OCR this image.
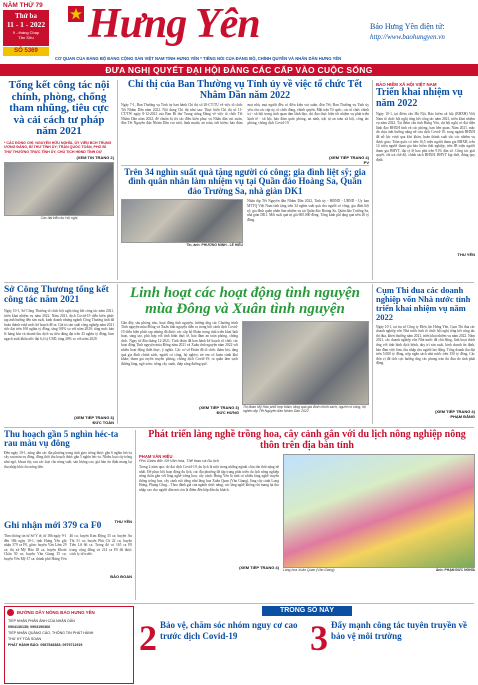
NĂM THỨ 79
Thứ ba
11 - 1 - 2022
9 - tháng Chạp
Tân Sửu
SỐ 5369
Hưng Yên	Báo Hưng Yên điện tử:
http://www.baohungyen.vn
CƠ QUAN CỦA ĐẢNG BỘ ĐẢNG CỘNG SẢN VIỆT NAM TỈNH HƯNG YÊN * TIẾNG NÓI CỦA ĐẢNG BỘ, CHÍNH QUYỀN VÀ NHÂN DÂN HƯNG YÊN
ĐƯA NGHỊ QUYẾT ĐẠI HỘI ĐẢNG CÁC CẤP VÀO CUỘC SỐNG
Tổng kết công tác nội chính, phòng, chống tham nhũng, tiêu cực và cải cách tư pháp năm 2021
* CÁC ĐỒNG CHÍ: NGUYỄN HỮU NGHĨA, ỦY VIÊN BCH TRUNG ƯƠNG ĐẢNG, BÍ THƯ TỈNH ỦY; TRẦN QUỐC TOẢN, PHÓ BÍ THƯ THƯỜNG TRỰC TỈNH ỦY, CHỦ TỊCH HĐND TỈNH DỰ
(XEM TIN TRANG 2)
Các đại biểu dự hội nghị
Chỉ thị của Ban Thường vụ Tỉnh ủy về việc tổ chức Tết Nhâm Dần năm 2022
Ngày 7-1, Ban Thường vụ Tỉnh ủy ban hành Chỉ thị số 20-CT/TU về việc tổ chức Tết Nhâm Dần năm 2022. Nội dung Chỉ thị như sau: Thực hiện Chỉ thị số 11-CT/TW ngày 8-12-2021 của Ban Bí thư Trung ương Đảng về việc tổ chức Tết Nhâm Dần năm 2022; để chuẩn bị tốt các điều kiện phục vụ Nhân dân vui xuân, đón Tết Nguyên đán Nhâm Dần vui tươi, lành mạnh, an toàn, tiết kiệm; bảo đảm mọi nhà, mọi người đều có điều kiện vui xuân, đón Tết; Ban Thường vụ Tỉnh ủy yêu cầu các cấp ủy, tổ chức đảng, chính quyền, Mặt trận Tổ quốc, các tổ chức chính trị - xã hội trong tỉnh quan tâm lãnh đạo, chỉ đạo thực hiện tốt nhiệm vụ phát triển kinh tế - xã hội, bảo đảm quốc phòng, an ninh, trật tự an toàn xã hội, công tác phòng, chống dịch Covid-19.
(XEM TIẾP TRANG 4)
PV
Trên 34 nghìn suất quà tặng người có công; gia đình liệt sỹ; gia đình quân nhân làm nhiệm vụ tại Quần đảo Hoàng Sa, Quần đảo Trường Sa, nhà giàn DK1
Tin, ảnh: PHƯƠNG MINH - LÊ HIỀU
Nhân dịp Tết Nguyên đán Nhâm Dần 2022, Tỉnh ủy - HĐND - UBND - Ủy ban MTTQ Việt Nam tỉnh tặng trên 34 nghìn suất quà cho người có công; gia đình liệt sỹ; gia đình quân nhân làm nhiệm vụ tại Quần đảo Hoàng Sa, Quần đảo Trường Sa, nhà giàn DK1. Mỗi suất quà trị giá 600.000 đồng. Tổng kinh phí tặng quà trên 20 tỷ đồng.
BẢO HIỂM XÃ HỘI VIỆT NAM
Triển khai nhiệm vụ năm 2022
Ngày 10-1, tại điểm cầu Hà Nội, Bảo hiểm xã hội (BHXH) Việt Nam tổ chức hội nghị tổng kết công tác năm 2021, triển khai nhiệm vụ năm 2022. Tại điểm cầu tỉnh Hưng Yên, dự hội nghị có đại diện lãnh đạo BHXH tỉnh và các phòng, ban liên quan. Năm 2021, mặc dù chịu ảnh hưởng nặng nề của dịch Covid-19, song ngành BHXH đã nỗ lực vượt qua khó khăn, hoàn thành xuất sắc các nhiệm vụ được giao. Toàn quốc có trên 16,5 triệu người tham gia BHXH, trên 14 triệu người tham gia bảo hiểm thất nghiệp; trên 88 triệu người tham gia BHYT, đạt tỷ lệ bao phủ trên 91% dân số. Công tác giải quyết, chi trả chế độ, chính sách BHXH, BHYT kịp thời, đúng quy định.
THU YÊN
Sở Công Thương tổng kết công tác năm 2021
Ngày 10-1, Sở Công Thương tổ chức hội nghị tổng kết công tác năm 2021, triển khai nhiệm vụ năm 2022. Năm 2021, dịch Covid-19 diễn biến phức tạp ảnh hưởng đến sản xuất, kinh doanh nhưng ngành Công Thương tỉnh đã hoàn thành vượt mức kế hoạch đề ra. Giá trị sản xuất công nghiệp năm 2021 ước đạt trên 160 nghìn tỷ đồng, tăng 9,8% so với năm 2020; tổng mức bán lẻ hàng hóa và doanh thu dịch vụ tiêu dùng đạt trên 43 nghìn tỷ đồng; kim ngạch xuất khẩu ước đạt 6,4 tỷ USD, tăng 28% so với năm 2020.
(XEM TIẾP TRANG 3)
ĐỨC TOÀN
Linh hoạt các hoạt động tình nguyện mùa Đông và Xuân tình nguyện
Gần đây, sáu phòng trào, hoạt động tình nguyện, hưởng ứng các Chương trình Tình nguyện mùa Đông và Xuân tình nguyện diễn ra trong bối cảnh dịch Covid-19 diễn biến phức tạp nhưng đã được các cấp bộ Đoàn trong tỉnh triển khai linh hoạt, sáng tạo, phù hợp với tình hình thực tế, bảo đảm an toàn phòng, chống dịch. Ngay từ đầu tháng 12-2021, Tỉnh đoàn đã ban hành kế hoạch tổ chức các hoạt động Tình nguyện mùa Đông năm 2021 và Xuân tình nguyện năm 2022 với nhiều hoạt động thiết thực, ý nghĩa. Các cơ sở Đoàn đã tổ chức thăm hỏi, tặng quà gia đình chính sách, người có công, hộ nghèo, trẻ em có hoàn cảnh khó khăn; tham gia tuyên truyền phòng, chống dịch Covid-19; ra quân làm sạch đường làng, ngõ xóm; trồng cây xanh, thắp sáng đường quê.
(XEM TIẾP TRANG 3)
ĐỨC HƯNG
Thị đoàn Mỹ Hào phối hợp thăm, tặng quà gia đình chính sách, người có công, hộ nghèo dịp Tết Nguyên đán Nhâm Dần 2022
Cụm Thi đua các doanh nghiệp vốn Nhà nước tỉnh triển khai nhiệm vụ năm 2022
Ngày 10-1, tại trụ sở Công ty Điện lực Hưng Yên, Cụm Thi đua các doanh nghiệp vốn Nhà nước tỉnh tổ chức hội nghị tổng kết công tác thi đua, khen thưởng năm 2021, triển khai nhiệm vụ năm 2022. Năm 2021, các doanh nghiệp vốn Nhà nước đã chủ động, linh hoạt thích ứng với tình hình dịch bệnh, duy trì sản xuất, kinh doanh ổn định, bảo đảm việc làm, thu nhập cho người lao động. Tổng doanh thu đạt trên 5.000 tỷ đồng, nộp ngân sách nhà nước trên 350 tỷ đồng. Các đơn vị đã tích cực hưởng ứng các phong trào thi đua do tỉnh phát động.
(XEM TIẾP TRANG 4)
PHẠM ĐĂNG
Thu hoạch gần 5 nghìn héc-ta rau màu vụ đông
Đến ngày 10-1, nông dân các địa phương trong tỉnh gieo trồng được gần 6 nghìn héc-ta cây rau màu vụ đông, đồng thời thu hoạch được gần 5 nghìn héc-ta. Nhiều loại cây trồng như ngô, khoai tây, rau các loại cho năng suất, sản lượng cao, giá bán ổn định mang lại thu nhập khá cho nông dân.
THU YÊN
Ghi nhận mới 379 ca F0
Theo thông tin từ Sở Y tế, từ 18h ngày 9-1 đến 18h ngày 10-1, tỉnh Hưng Yên ghi nhận 379 ca F0, gồm: huyện Văn Lâm 29 ca; thị xã Mỹ Hào 28 ca; huyện Khoái Châu 50 ca; huyện Văn Giang 35 ca; huyện Yên Mỹ 37 ca; thành phố Hưng Yên 46 ca; huyện Kim Động 35 ca; huyện Ân Thi 31 ca; huyện Phù Cừ 22 ca; huyện Tiên Lữ 66 ca. Trong đó có 165 ca F0 trong cộng đồng và 214 ca F0 đã được cách ly từ trước.
BẢO ĐOAN
Phát triển làng nghề trồng hoa, cây cảnh gắn với du lịch nông nghiệp nông thôn trên địa bàn tỉnh
PHẠM VĂN HIỆU
Phó Giám đốc Sở Văn hóa, Thể thao và Du lịch
Trong 2 năm qua, do đại dịch Covid-19, du lịch là một trong những ngành chịu tổn thất nặng nề nhất. Để phục hồi hoạt động du lịch, các địa phương đã tập trung phát triển du lịch nông nghiệp nông thôn gắn với làng nghề trồng hoa, cây cảnh. Hưng Yên là tỉnh có nhiều làng nghề truyền thống trồng hoa, cây cảnh nổi tiếng như làng hoa Xuân Quan (Văn Giang), làng cây cảnh Long Hưng, Phụng Công... Theo đánh giá của ngành chức năng, các làng nghề không chỉ mang lại thu nhập cao cho người dân mà còn là điểm đến hấp dẫn du khách.
(XEM TIẾP TRANG 4) Làng hoa Xuân Quan (Văn Giang)	Ảnh: PHẠM ĐỨC NGHĨA
ĐƯỜNG DÂY NÓNG BÁO HƯNG YÊN
TIẾP NHẬN PHẢN ÁNH CỦA NHÂN DÂN
0904136135; 0903190366
TIẾP NHẬN QUẢNG CÁO, THÔNG TIN PHÁT HÀNH
THƯ KÝ TOÀ SOẠN
PHÁT HÀNH BÁO: 0987548383; 0979711919
TRONG SỐ NÀY
2 Bảo vệ, chăm sóc nhóm nguy cơ cao trước dịch Covid-19	3 Đẩy mạnh công tác tuyên truyền về bảo vệ môi trường
